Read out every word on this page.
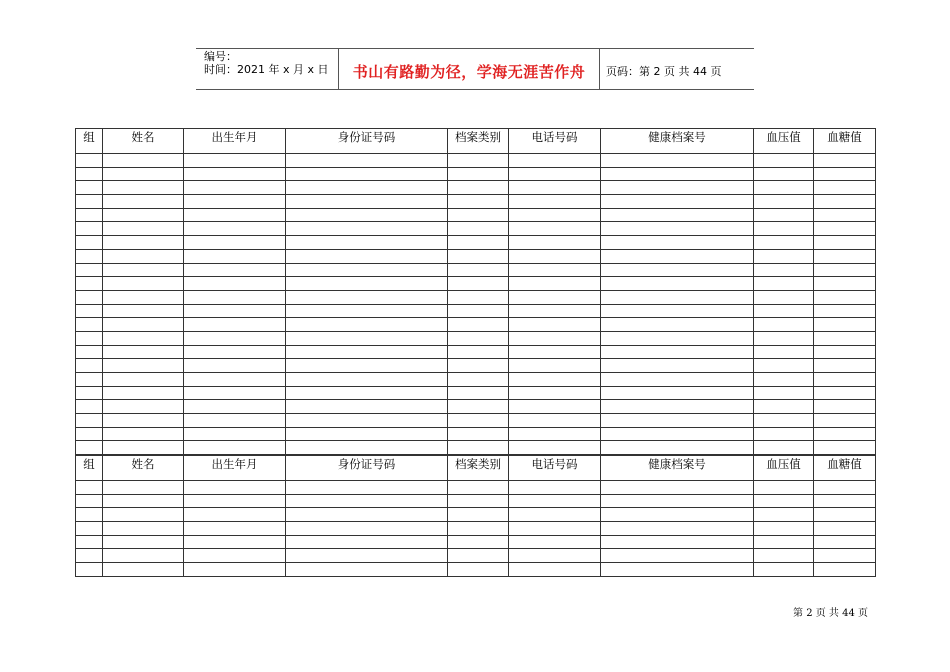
编号：
时间：2021 年 x 月 x 日	书山有路勤为径，学海无涯苦作舟	页码：第 2 页 共 44 页
组	姓名	出生年月	身份证号码	档案类别	电话号码	健康档案号	血压值	血糖值

组	姓名	出生年月	身份证号码	档案类别	电话号码	健康档案号	血压值	血糖值

第 2 页 共 44 页
